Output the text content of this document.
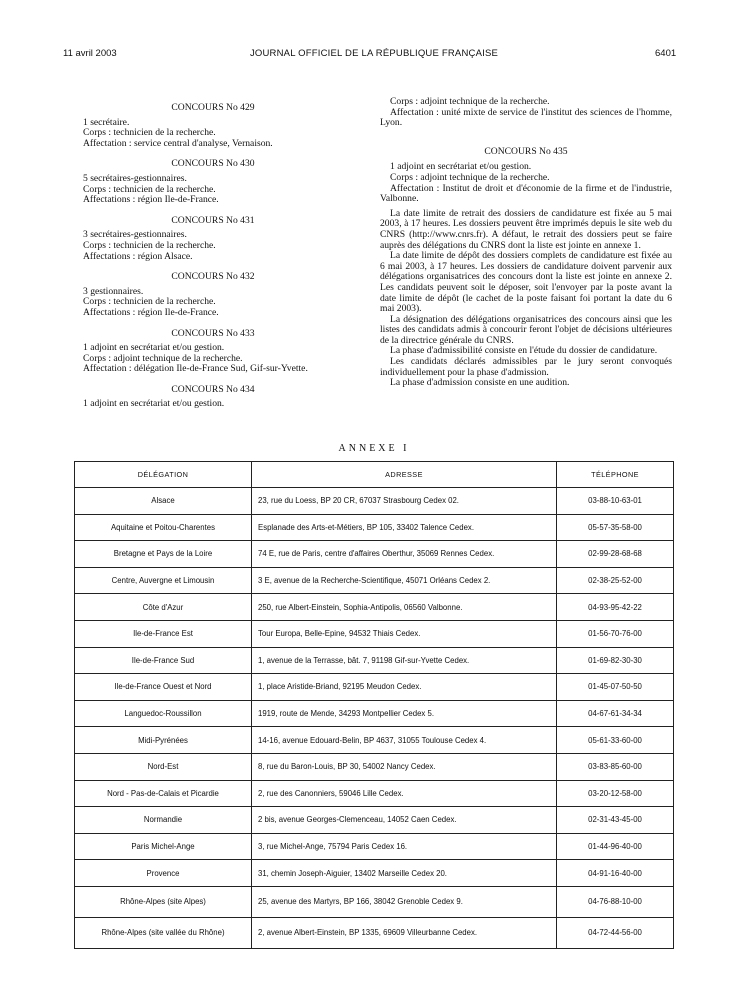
11 avril 2003	JOURNAL OFFICIEL DE LA RÉPUBLIQUE FRANÇAISE	6401

CONCOURS No 429

1 secrétaire.

Corps : technicien de la recherche.

Affectation : service central d'analyse, Vernaison.

CONCOURS No 430

5 secrétaires-gestionnaires.

Corps : technicien de la recherche.

Affectations : région Ile-de-France.

CONCOURS No 431

3 secrétaires-gestionnaires.

Corps : technicien de la recherche.

Affectations : région Alsace.

CONCOURS No 432

3 gestionnaires.

Corps : technicien de la recherche.

Affectations : région Ile-de-France.

CONCOURS No 433

1 adjoint en secrétariat et/ou gestion.

Corps : adjoint technique de la recherche.

Affectation : délégation Ile-de-France Sud, Gif-sur-Yvette.

CONCOURS No 434

1 adjoint en secrétariat et/ou gestion.

Corps : adjoint technique de la recherche.

Affectation : unité mixte de service de l'institut des sciences de l'homme, Lyon.

CONCOURS No 435

1 adjoint en secrétariat et/ou gestion.

Corps : adjoint technique de la recherche.

Affectation : Institut de droit et d'économie de la firme et de l'industrie, Valbonne.

La date limite de retrait des dossiers de candidature est fixée au 5 mai 2003, à 17 heures. Les dossiers peuvent être imprimés depuis le site web du CNRS (http://www.cnrs.fr). A défaut, le retrait des dossiers peut se faire auprès des délégations du CNRS dont la liste est jointe en annexe 1.

La date limite de dépôt des dossiers complets de candidature est fixée au 6 mai 2003, à 17 heures. Les dossiers de candidature doivent parvenir aux délégations organisatrices des concours dont la liste est jointe en annexe 2. Les candidats peuvent soit le déposer, soit l'envoyer par la poste avant la date limite de dépôt (le cachet de la poste faisant foi portant la date du 6 mai 2003).

La désignation des délégations organisatrices des concours ainsi que les listes des candidats admis à concourir feront l'objet de décisions ultérieures de la directrice générale du CNRS.

La phase d'admissibilité consiste en l'étude du dossier de candidature.

Les candidats déclarés admissibles par le jury seront convoqués individuellement pour la phase d'admission.

La phase d'admission consiste en une audition.

ANNEXE I
DÉLÉGATION	ADRESSE	TÉLÉPHONE
Alsace	23, rue du Loess, BP 20 CR, 67037 Strasbourg Cedex 02.	03-88-10-63-01
Aquitaine et Poitou-Charentes	Esplanade des Arts-et-Métiers, BP 105, 33402 Talence Cedex.	05-57-35-58-00
Bretagne et Pays de la Loire	74 E, rue de Paris, centre d'affaires Oberthur, 35069 Rennes Cedex.	02-99-28-68-68
Centre, Auvergne et Limousin	3 E, avenue de la Recherche-Scientifique, 45071 Orléans Cedex 2.	02-38-25-52-00
Côte d'Azur	250, rue Albert-Einstein, Sophia-Antipolis, 06560 Valbonne.	04-93-95-42-22
Ile-de-France Est	Tour Europa, Belle-Epine, 94532 Thiais Cedex.	01-56-70-76-00
Ile-de-France Sud	1, avenue de la Terrasse, bât. 7, 91198 Gif-sur-Yvette Cedex.	01-69-82-30-30
Ile-de-France Ouest et Nord	1, place Aristide-Briand, 92195 Meudon Cedex.	01-45-07-50-50
Languedoc-Roussillon	1919, route de Mende, 34293 Montpellier Cedex 5.	04-67-61-34-34
Midi-Pyrénées	14-16, avenue Edouard-Belin, BP 4637, 31055 Toulouse Cedex 4.	05-61-33-60-00
Nord-Est	8, rue du Baron-Louis, BP 30, 54002 Nancy Cedex.	03-83-85-60-00
Nord - Pas-de-Calais et Picardie	2, rue des Canonniers, 59046 Lille Cedex.	03-20-12-58-00
Normandie	2 bis, avenue Georges-Clemenceau, 14052 Caen Cedex.	02-31-43-45-00
Paris Michel-Ange	3, rue Michel-Ange, 75794 Paris Cedex 16.	01-44-96-40-00
Provence	31, chemin Joseph-Aiguier, 13402 Marseille Cedex 20.	04-91-16-40-00
Rhône-Alpes (site Alpes)	25, avenue des Martyrs, BP 166, 38042 Grenoble Cedex 9.	04-76-88-10-00
Rhône-Alpes (site vallée du Rhône)	2, avenue Albert-Einstein, BP 1335, 69609 Villeurbanne Cedex.	04-72-44-56-00
